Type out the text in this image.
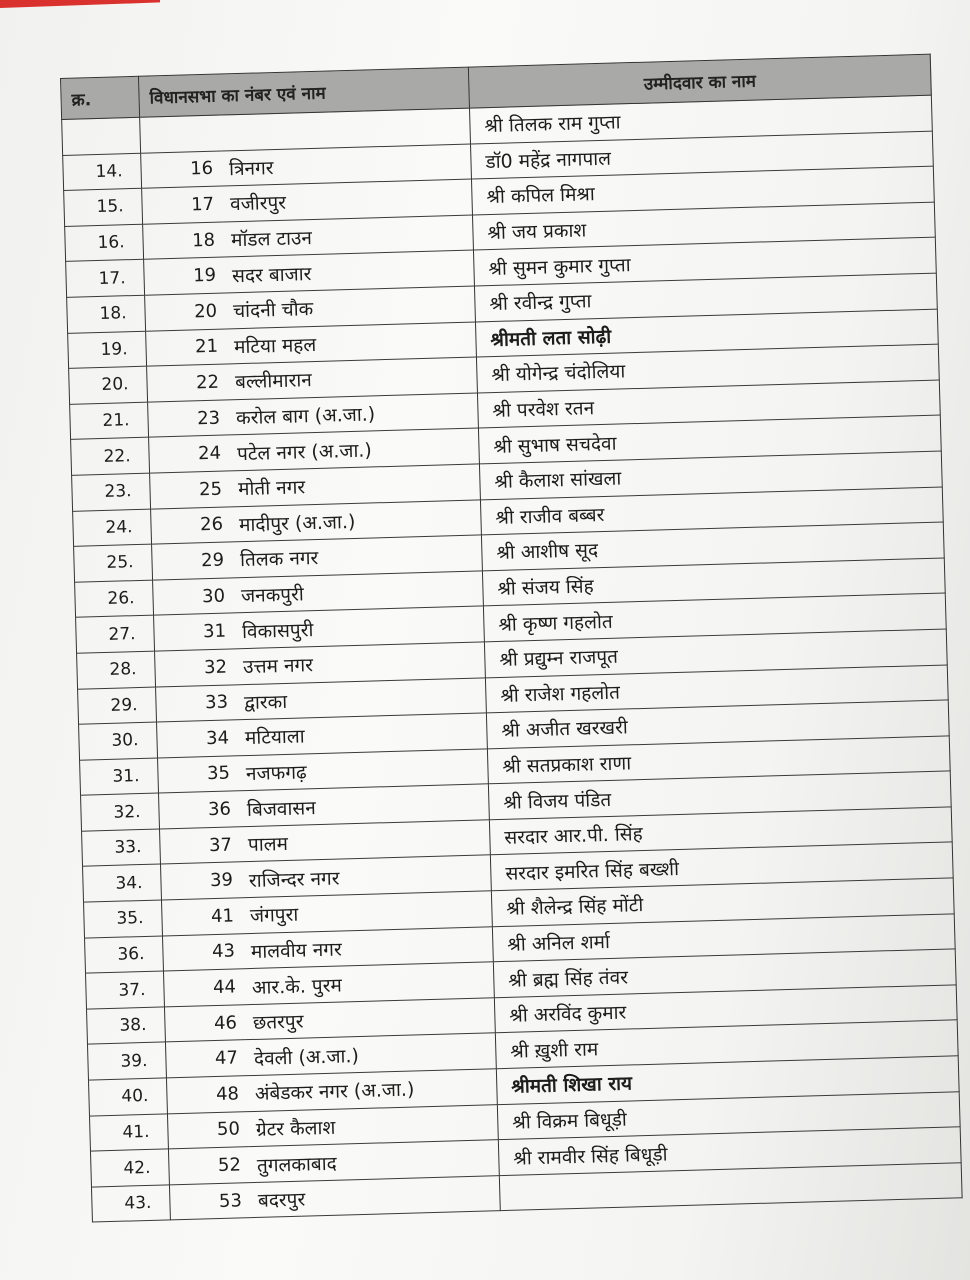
क्र.	विधानसभा का नंबर एवं नाम		उम्मीदवार का नाम
			श्री तिलक राम गुप्ता
14.	16	त्रिनगर	डॉ0 महेंद्र नागपाल
15.	17	वजीरपुर	श्री कपिल मिश्रा
16.	18	मॉडल टाउन	श्री जय प्रकाश
17.	19	सदर बाजार	श्री सुमन कुमार गुप्ता
18.	20	चांदनी चौक	श्री रवीन्द्र गुप्ता
19.	21	मटिया महल	श्रीमती लता सोढ़ी
20.	22	बल्लीमारान	श्री योगेन्द्र चंदोलिया
21.	23	करोल बाग (अ.जा.)	श्री परवेश रतन
22.	24	पटेल नगर (अ.जा.)	श्री सुभाष सचदेवा
23.	25	मोती नगर	श्री कैलाश सांखला
24.	26	मादीपुर (अ.जा.)	श्री राजीव बब्बर
25.	29	तिलक नगर	श्री आशीष सूद
26.	30	जनकपुरी	श्री संजय सिंह
27.	31	विकासपुरी	श्री कृष्ण गहलोत
28.	32	उत्तम नगर	श्री प्रद्युम्न राजपूत
29.	33	द्वारका	श्री राजेश गहलोत
30.	34	मटियाला	श्री अजीत खरखरी
31.	35	नजफगढ़	श्री सतप्रकाश राणा
32.	36	बिजवासन	श्री विजय पंडित
33.	37	पालम	सरदार आर.पी. सिंह
34.	39	राजिन्दर नगर	सरदार इमरित सिंह बख्शी
35.	41	जंगपुरा	श्री शैलेन्द्र सिंह मोंटी
36.	43	मालवीय नगर	श्री अनिल शर्मा
37.	44	आर.के. पुरम	श्री ब्रह्म सिंह तंवर
38.	46	छतरपुर	श्री अरविंद कुमार
39.	47	देवली (अ.जा.)	श्री ख़ुशी राम
40.	48	अंबेडकर नगर (अ.जा.)	श्रीमती शिखा राय
41.	50	ग्रेटर कैलाश	श्री विक्रम बिधूड़ी
42.	52	तुगलकाबाद	श्री रामवीर सिंह बिधूड़ी
43.	53	बदरपुर	
